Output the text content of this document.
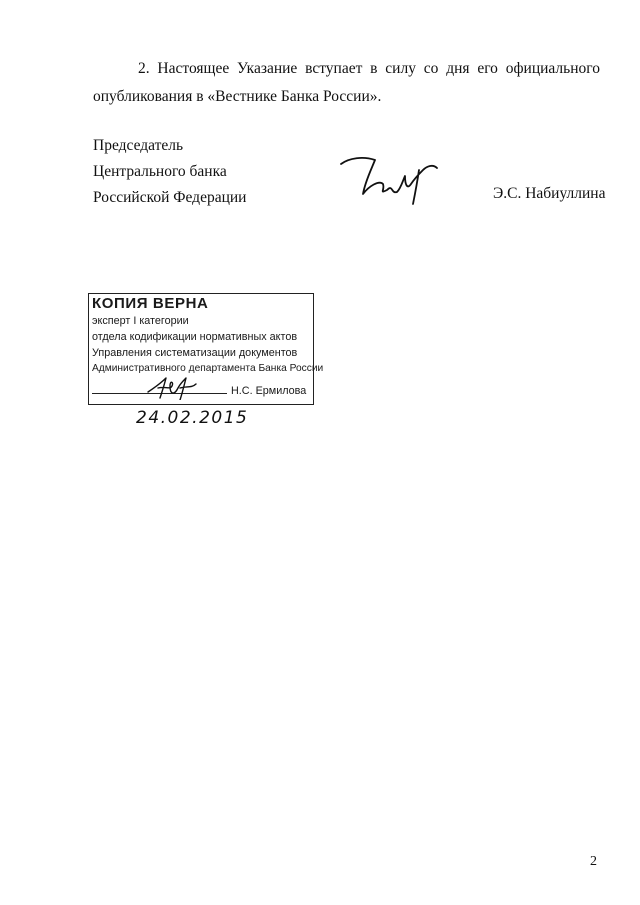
2. Настоящее Указание вступает в силу со дня его официального
опубликования в «Вестнике Банка России».
Председатель
Центрального банка
Российской Федерации	Э.С. Набиуллина
КОПИЯ ВЕРНА
эксперт I категории
отдела кодификации нормативных актов
Управления систематизации документов
Административного департамента Банка России
Н.С. Ермилова
24.02.2015
2
